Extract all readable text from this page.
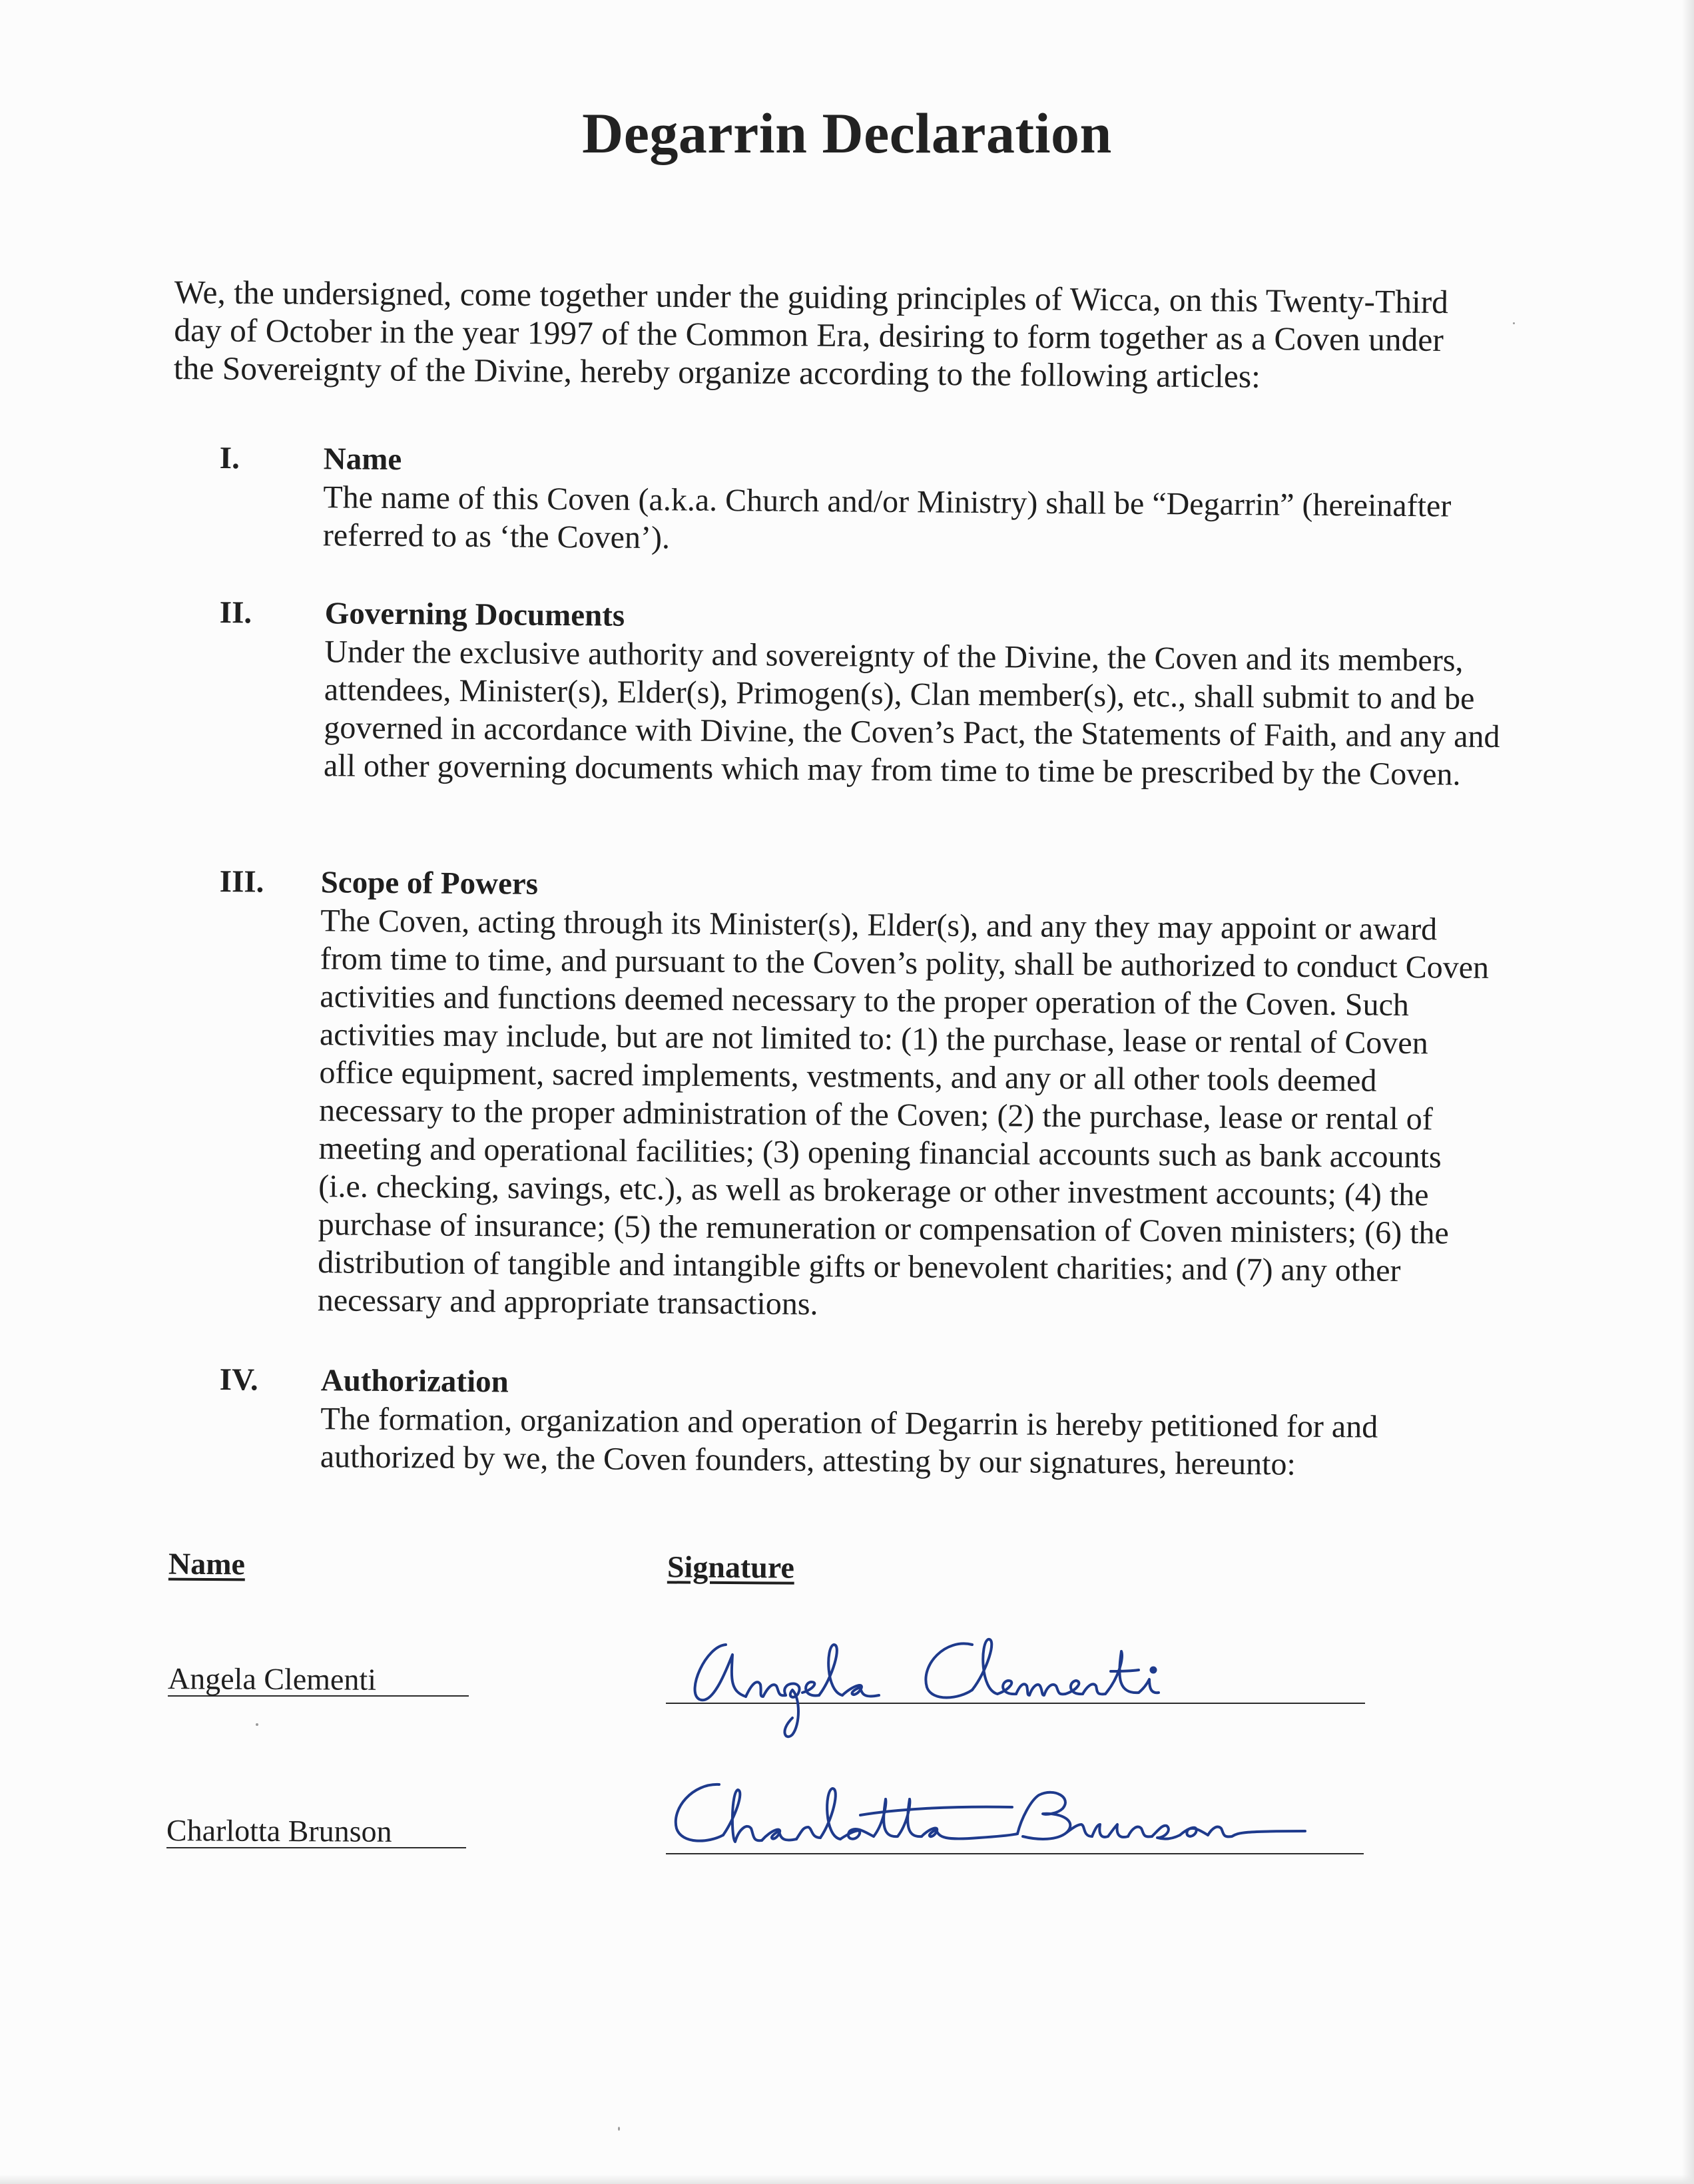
Degarrin Declaration

We, the undersigned, come together under the guiding principles of Wicca, on this Twenty-Third day of October in the year 1997 of the Common Era, desiring to form together as a Coven under the Sovereignty of the Divine, hereby organize according to the following articles:

I.	Name

The name of this Coven (a.k.a. Church and/or Ministry) shall be “Degarrin” (hereinafter referred to as ‘the Coven’).

II. Governing Documents

Under the exclusive authority and sovereignty of the Divine, the Coven and its members, attendees, Minister(s), Elder(s), Primogen(s), Clan member(s), etc., shall submit to and be governed in accordance with Divine, the Coven’s Pact, the Statements of Faith, and any and all other governing documents which may from time to time be prescribed by the Coven.

III. Scope of Powers

The Coven, acting through its Minister(s), Elder(s), and any they may appoint or award from time to time, and pursuant to the Coven’s polity, shall be authorized to conduct Coven activities and functions deemed necessary to the proper operation of the Coven. Such activities may include, but are not limited to: (1) the purchase, lease or rental of Coven office equipment, sacred implements, vestments, and any or all other tools deemed necessary to the proper administration of the Coven; (2) the purchase, lease or rental of meeting and operational facilities; (3) opening financial accounts such as bank accounts (i.e. checking, savings, etc.), as well as brokerage or other investment accounts; (4) the purchase of insurance; (5) the remuneration or compensation of Coven ministers; (6) the distribution of tangible and intangible gifts or benevolent charities; and (7) any other necessary and appropriate transactions.

IV. Authorization

The formation, organization and operation of Degarrin is hereby petitioned for and authorized by we, the Coven founders, attesting by our signatures, hereunto:

Name	Signature
Angela Clementi
Charlotta Brunson
